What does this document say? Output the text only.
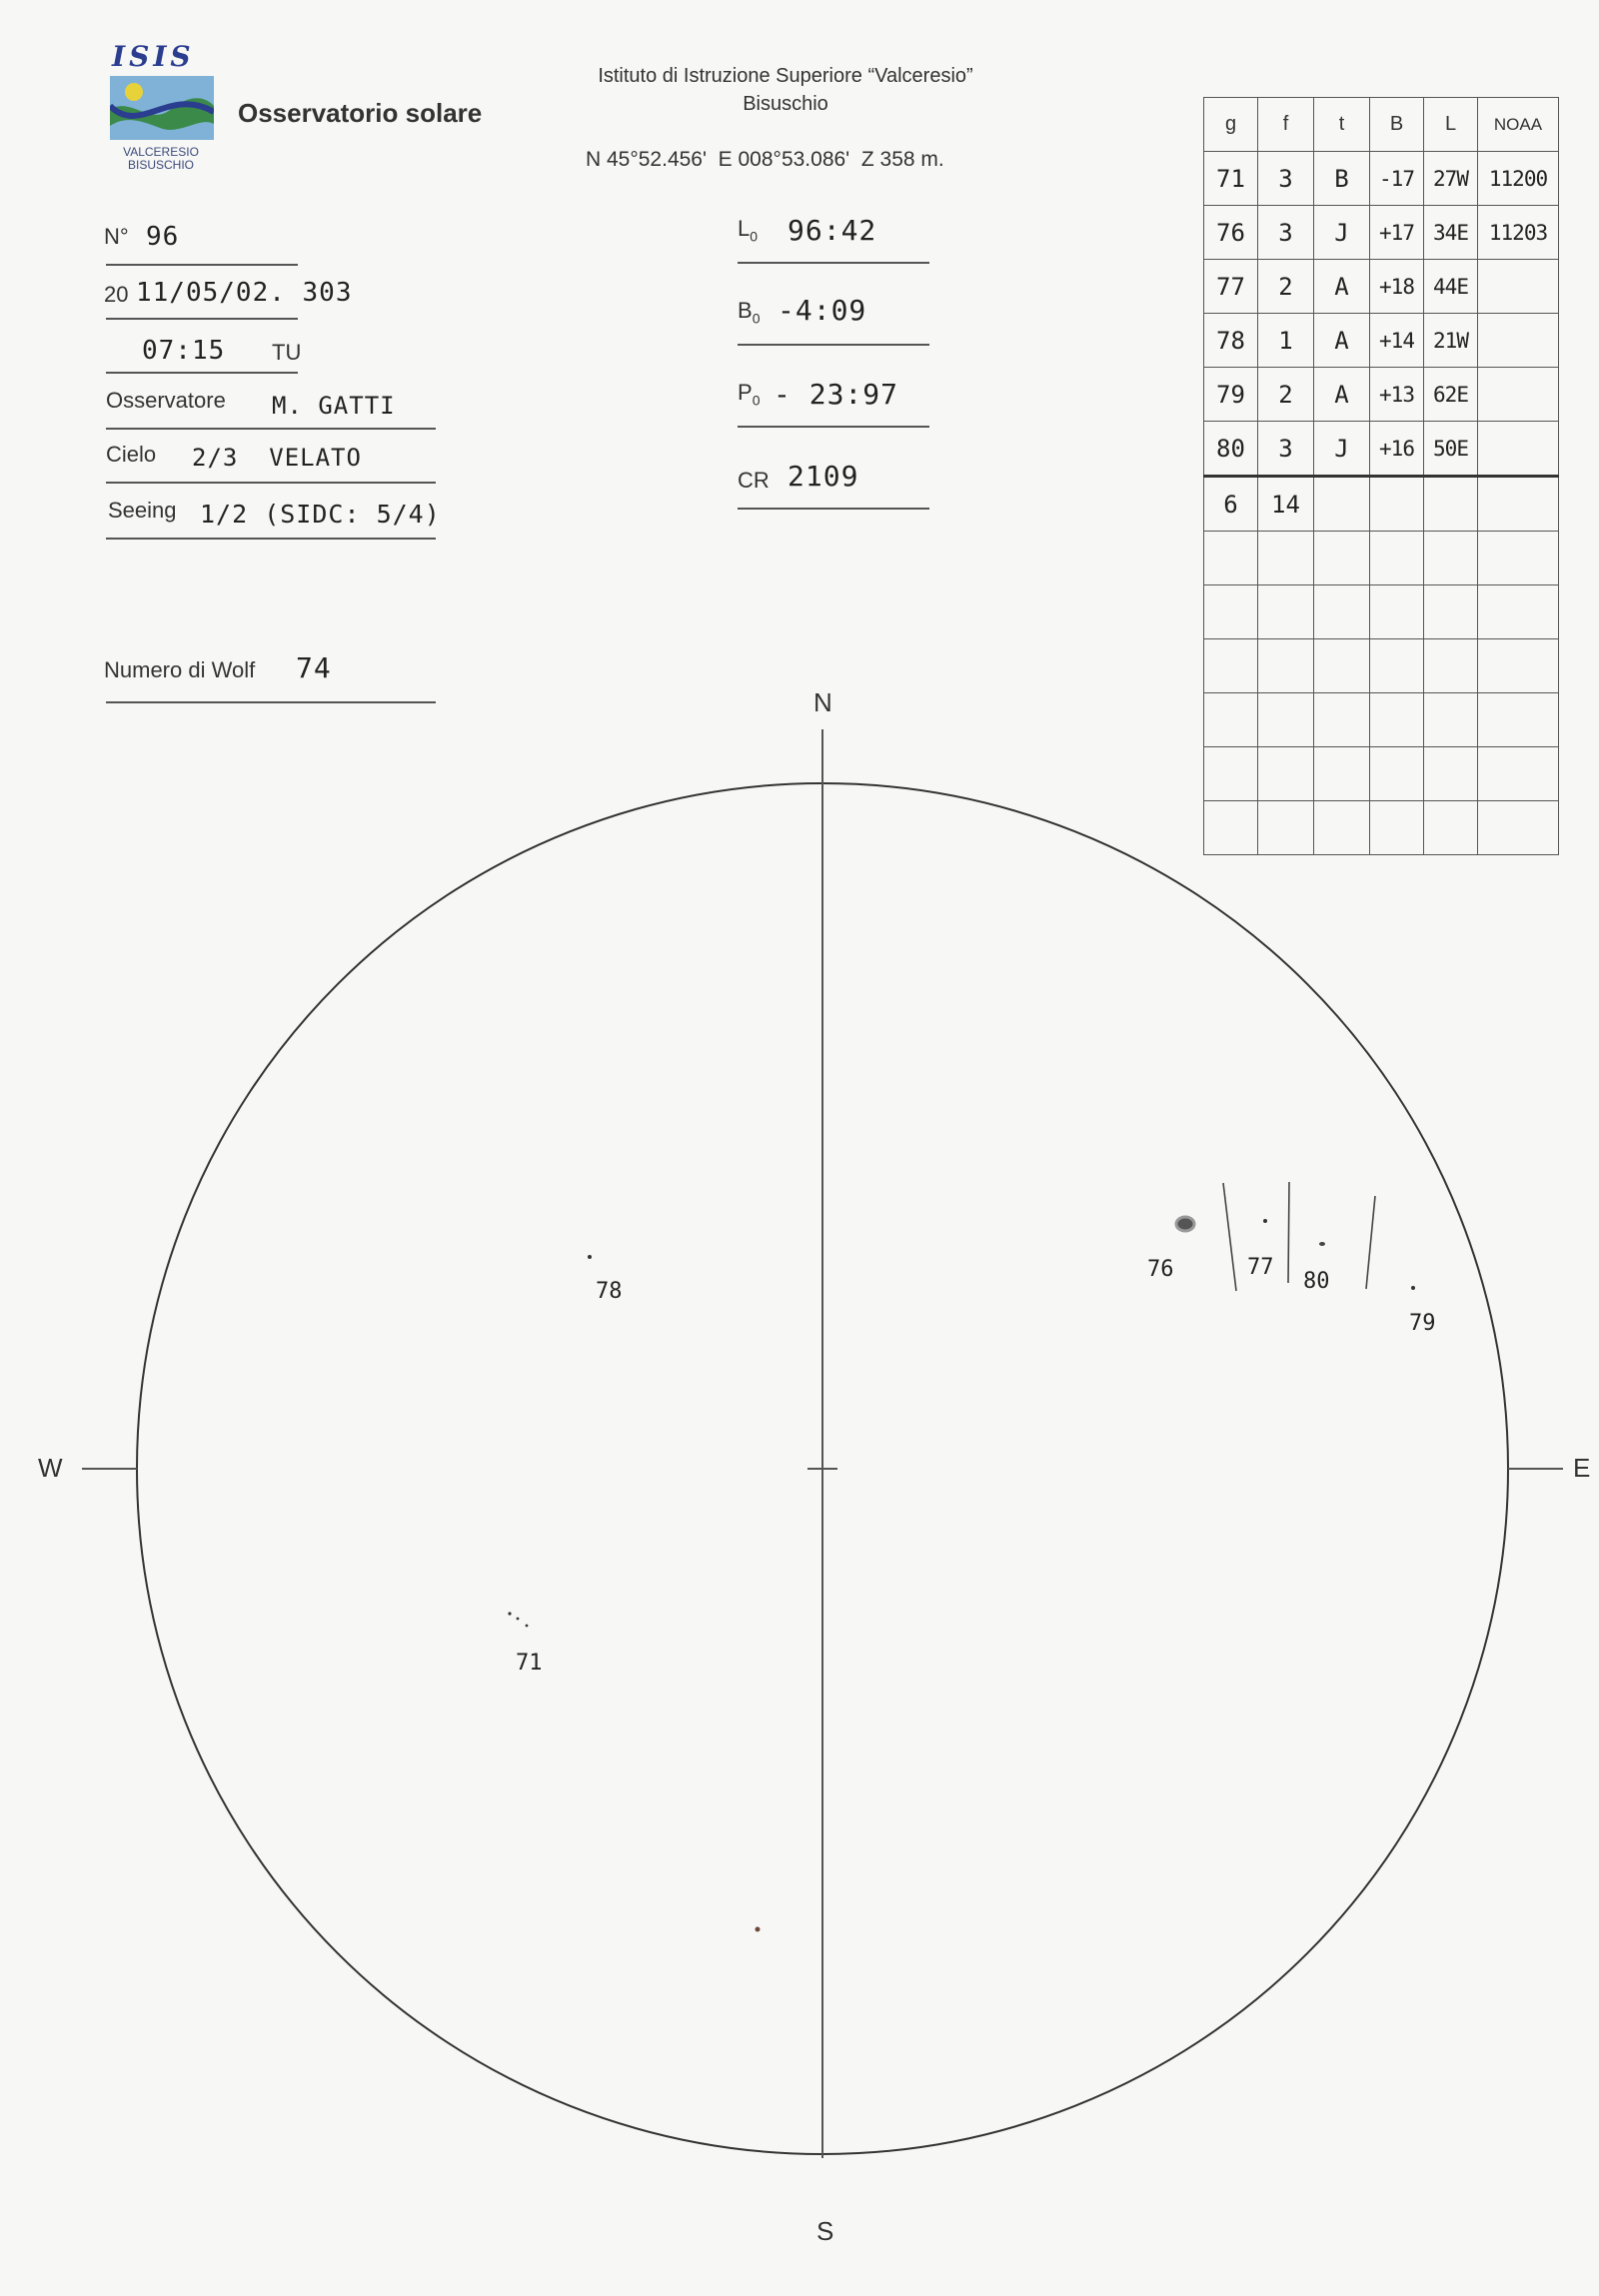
ISIS
VALCERESIO
BISUSCHIO
Osservatorio solare
Istituto di Istruzione Superiore “Valceresio”
Bisuschio
N 45°52.456'  E 008°53.086'  Z 358 m.
N° 96
20 11/05/02. 303
07:15 TU
Osservatore M. GATTI
Cielo 2/3  VELATO
Seeing 1/2 (SIDC: 5/4)
Numero di Wolf 74
$L_0$ 96:42
$B_0$ -4:09
$P_0$ - 23:97
CR 2109
g	f	t	B	L	NOAA
71	3	B	-17	27W	11200
76	3	J	+17	34E	11203
77	2	A	+18	44E	
78	1	A	+14	21W	
79	2	A	+13	62E	
80	3	J	+16	50E	
6	14				

N
S
W	E
78
71
76	77
80
79
